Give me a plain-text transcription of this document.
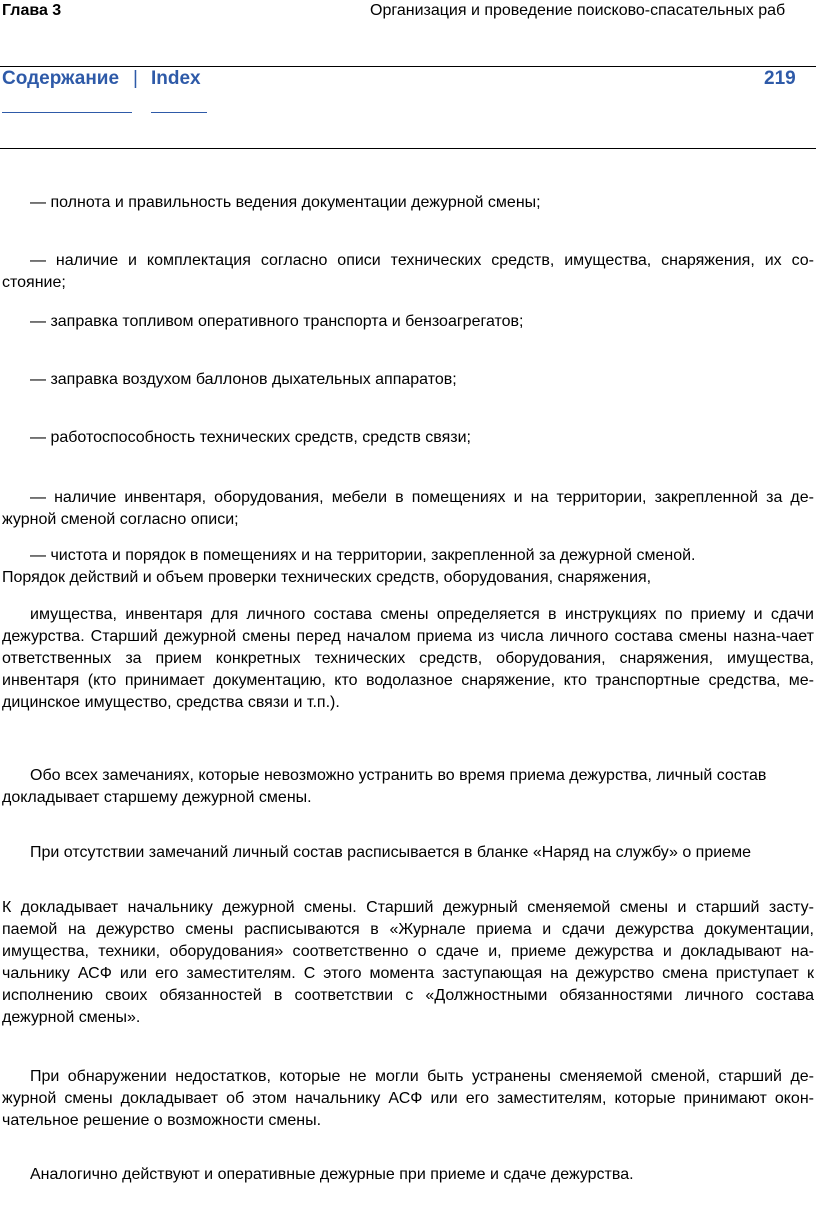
Глава 3	Организация и проведение поисково-спасательных раб
Содержание | Index	219

— полнота и правильность ведения документации дежурной смены;

— наличие и комплектация согласно описи технических средств, имущества, снаряжения, их со-стояние;

— заправка топливом оперативного транспорта и бензоагрегатов;

— заправка воздухом баллонов дыхательных аппаратов;

— работоспособность технических средств, средств связи;

— наличие инвентаря, оборудования, мебели в помещениях и на территории, закрепленной за де-журной сменой согласно описи;

— чистота и порядок в помещениях и на территории, закрепленной за дежурной сменой.

Порядок действий и объем проверки технических средств, оборудования, снаряжения,

имущества, инвентаря для личного состава смены определяется в инструкциях по приему и сдачи дежурства. Старший дежурной смены перед началом приема из числа личного состава смены назна-чает ответственных за прием конкретных технических средств, оборудования, снаряжения, имущества, инвентаря (кто принимает документацию, кто водолазное снаряжение, кто транспортные средства, ме-дицинское имущество, средства связи и т.п.).

Обо всех замечаниях, которые невозможно устранить во время приема дежурства, личный состав докладывает старшему дежурной смены.

При отсутствии замечаний личный состав расписывается в бланке «Наряд на службу» о приеме

К докладывает начальнику дежурной смены. Старший дежурный сменяемой смены и старший засту-паемой на дежурство смены расписываются в «Журнале приема и сдачи дежурства документации, имущества, техники, оборудования» соответственно о сдаче и, приеме дежурства и докладывают на-чальнику АСФ или его заместителям. С этого момента заступающая на дежурство смена приступает к исполнению своих обязанностей в соответствии с «Должностными обязанностями личного состава дежурной смены».

При обнаружении недостатков, которые не могли быть устранены сменяемой сменой, старший де-журной смены докладывает об этом начальнику АСФ или его заместителям, которые принимают окон-чательное решение о возможности смены.

Аналогично действуют и оперативные дежурные при приеме и сдаче дежурства.
